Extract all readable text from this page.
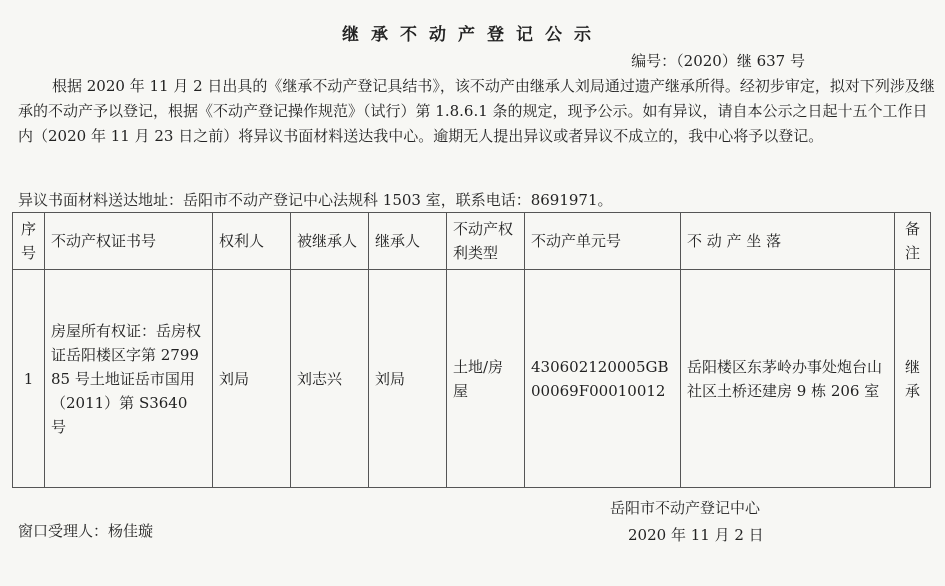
继承不动产登记公示
编号：（2020）继 637 号

根据 2020 年 11 月 2 日出具的《继承不动产登记具结书》，该不动产由继承人刘局通过遗产继承所得。经初步审定，拟对下列涉及继承的不动产予以登记，根据《不动产登记操作规范》（试行）第 1.8.6.1 条的规定，现予公示。如有异议，请自本公示之日起十五个工作日内（2020 年 11 月 23 日之前）将异议书面材料送达我中心。逾期无人提出异议或者异议不成立的，我中心将予以登记。

异议书面材料送达地址：岳阳市不动产登记中心法规科 1503 室，联系电话：8691971。
序号	不动产权证书号	权利人	被继承人	继承人	不动产权利类型	不动产单元号	不 动 产 坐 落	备注
1	房屋所有权证：岳房权证岳阳楼区字第 279985 号土地证岳市国用（2011）第 S3640 号	刘局	刘志兴	刘局	土地/房屋	430602120005GB00069F00010012	岳阳楼区东茅岭办事处炮台山社区土桥还建房 9 栋 206 室	继承
岳阳市不动产登记中心
窗口受理人：杨佳璇	2020 年 11 月 2 日
